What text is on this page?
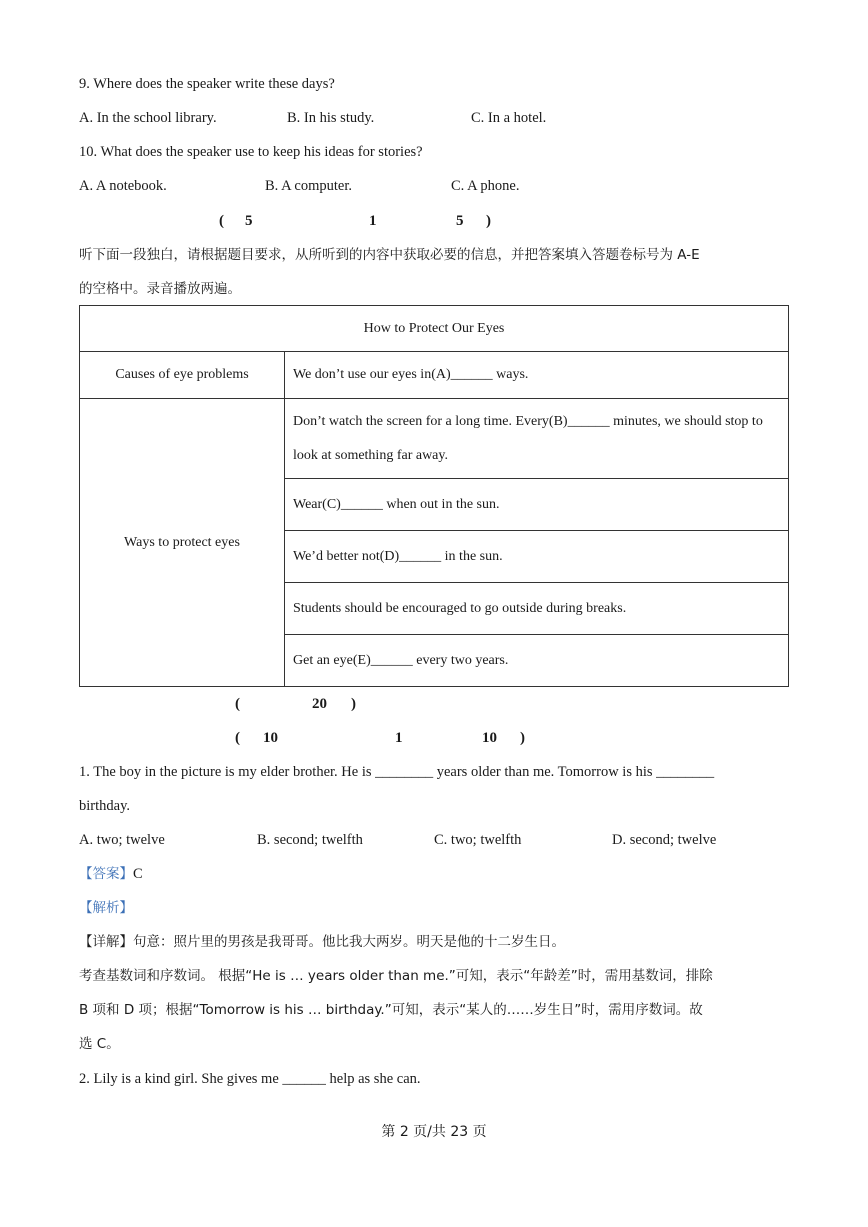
9. Where does the speaker write these days?
A. In the school library.	B. In his study.	C. In a hotel.
10. What does the speaker use to keep his ideas for stories?
A. A notebook.	B. A computer.	C. A phone.
( 5	1	5 )
听下面一段独白，请根据题目要求，从所听到的内容中获取必要的信息，并把答案填入答题卷标号为 A-E
的空格中。录音播放两遍。
How to Protect Our Eyes	
Causes of eye problems	We don’t use our eyes in(A)______ ways.
Ways to protect eyes	Don’t watch the screen for a long time. Every(B)______ minutes, we should stop to look at something far away.
	Wear(C)______ when out in the sun.
	We’d better not(D)______ in the sun.
	Students should be encouraged to go outside during breaks.
	Get an eye(E)______ every two years.
(	20 )
( 10	1	10 )
1. The boy in the picture is my elder brother. He is ________ years older than me. Tomorrow is his ________
birthday.
A. two; twelve	B. second; twelfth	C. two; twelfth	D. second; twelve
【答案】C
【解析】
【详解】句意：照片里的男孩是我哥哥。他比我大两岁。明天是他的十二岁生日。
考查基数词和序数词。 根据“He is … years older than me.”可知，表示“年龄差”时，需用基数词，排除
B 项和 D 项；根据“Tomorrow is his … birthday.”可知，表示“某人的……岁生日”时，需用序数词。故
选 C。
2. Lily is a kind girl. She gives me ______ help as she can.
第 2 页/共 23 页
